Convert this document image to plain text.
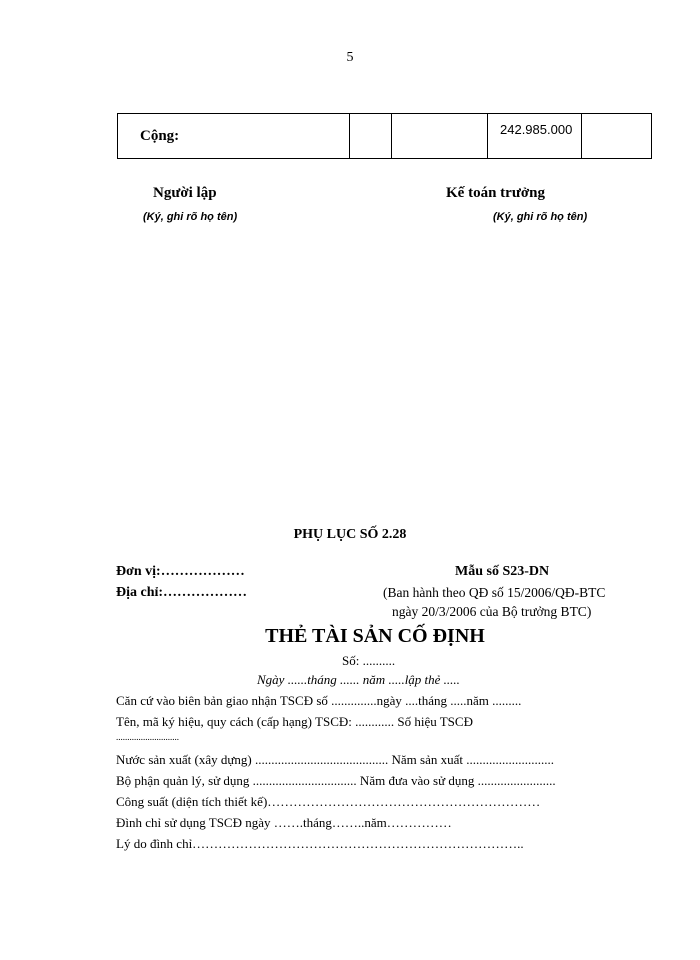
5
Cộng:			242.985.000	
Người lập
(Ký, ghi rõ họ tên)
Kế toán trưởng
(Ký, ghi rõ họ tên)
PHỤ LỤC SỐ 2.28
Đơn vị:………………
Địa chỉ:………………
Mẫu số S23-DN
(Ban hành theo QĐ số 15/2006/QĐ-BTC
ngày 20/3/2006 của Bộ trưởng BTC)
THẺ TÀI SẢN CỐ ĐỊNH
Số: ..........
Ngày ......tháng ...... năm .....lập thẻ .....
Căn cứ vào biên bản giao nhận TSCĐ số ..............ngày ....tháng .....năm .........
Tên, mã ký hiệu, quy cách (cấp hạng) TSCĐ: ............ Số hiệu TSCĐ
............................
Nước sản xuất (xây dựng) ......................................... Năm sản xuất ...........................
Bộ phận quản lý, sử dụng ................................ Năm đưa vào sử dụng ........................
Công suất (diện tích thiết kế)………………………………………………………
Đình chỉ sử dụng TSCĐ ngày …….tháng……..năm……………
Lý do đình chỉ…………………………………………………………………..
